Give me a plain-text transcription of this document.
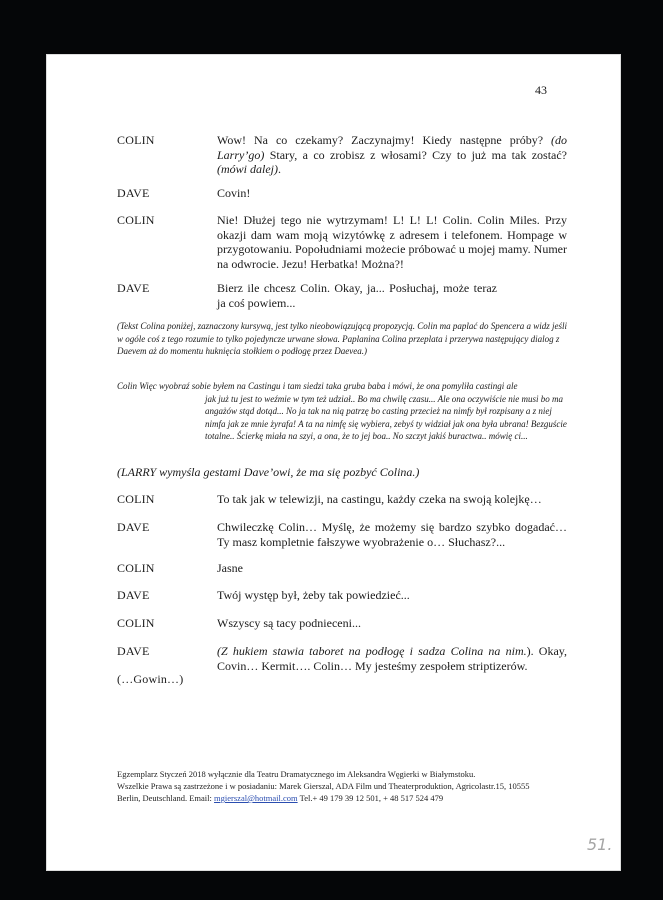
43
COLIN	Wow! Na co czekamy? Zaczynajmy! Kiedy następne próby? (do Larry’go) Stary, a co zrobisz z włosami? Czy to już ma tak zostać? (mówi dalej).
DAVE	Covin!
COLIN	Nie! Dłużej tego nie wytrzymam! L! L! L! Colin. Colin Miles. Przy okazji dam wam moją wizytówkę z adresem i telefonem. Hompage w przygotowaniu. Popołudniami możecie próbować u mojej mamy. Numer na odwrocie. Jezu! Herbatka! Można?!
DAVE	Bierz ile chcesz Colin. Okay, ja... Posłuchaj, może teraz ja coś powiem...
(Tekst Colina poniżej, zaznaczony kursywą, jest tylko nieobowiązującą propozycją. Colin ma paplać do Spencera a widz jeśli w ogóle coś z tego rozumie to tylko pojedyncze urwane słowa. Paplanina Colina przeplata i przerywa następujący dialog z Daevem aż do momentu huknięcia stołkiem o podłogę przez Daevea.)
Colin Więc wyobraź sobie byłem na Castingu i tam siedzi taka gruba baba i mówi, że ona pomyliła castingi ale
jak już tu jest to weźmie w tym też udział.. Bo ma chwilę czasu... Ale ona oczywiście nie musi bo ma angażów stąd dotąd... No ja tak na nią patrzę bo casting przecież na nimfy był rozpisany a z niej nimfa jak ze mnie żyrafa! A ta na nimfę się wybiera, zebyś ty widział jak ona była ubrana! Bezguście totalne.. Ścierkę miała na szyi, a ona, że to jej boa.. No szczyt jakiś buractwa.. mówię ci...
(LARRY wymyśla gestami Dave’owi, że ma się pozbyć Colina.)
COLIN	To tak jak w telewizji, na castingu, każdy czeka na swoją kolejkę…
DAVE	Chwileczkę Colin… Myślę, że możemy się bardzo szybko dogadać… Ty masz kompletnie fałszywe wyobrażenie o… Słuchasz?...
COLIN	Jasne
DAVE	Twój występ był, żeby tak powiedzieć...
COLIN	Wszyscy są tacy podnieceni...
DAVE	(Z hukiem stawia taboret na podłogę i sadza Colina na nim.). Okay, Covin… Kermit…. Colin… My jesteśmy zespołem striptizerów.
(…Gowin…)
Egzemplarz Styczeń 2018 wyłącznie dla Teatru Dramatycznego im Aleksandra Węgierki w Białymstoku.
Wszelkie Prawa są zastrzeżone i w posiadaniu: Marek Gierszal, ADA Film und Theaterproduktion, Agricolastr.15, 10555
Berlin, Deutschland. Email: mgierszal@hotmail.com Tel.+ 49 179 39 12 501, + 48 517 524 479
51.
